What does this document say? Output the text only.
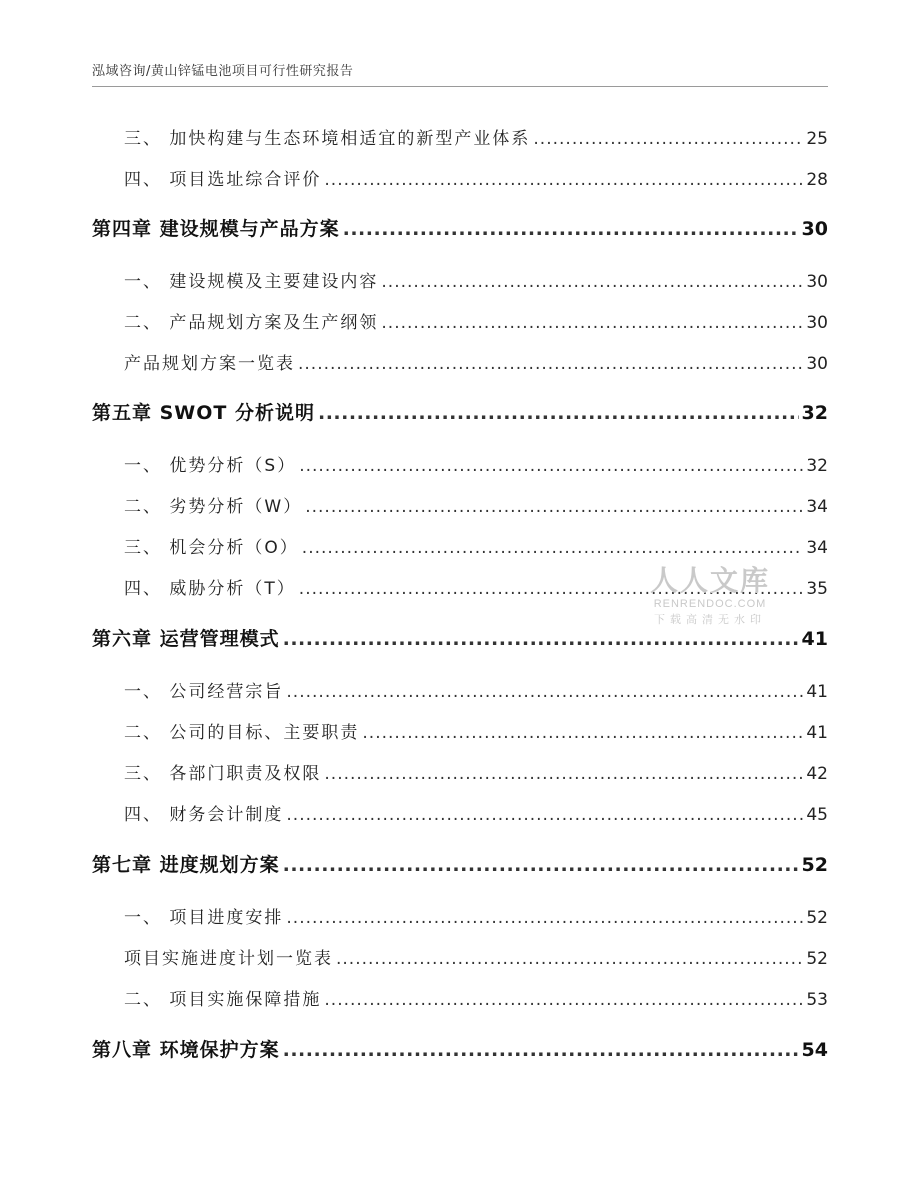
泓域咨询/黄山锌锰电池项目可行性研究报告
三、 加快构建与生态环境相适宜的新型产业体系 .....	25
四、 项目选址综合评价 .....	28
第四章 建设规模与产品方案 .....	30
一、 建设规模及主要建设内容 .....	30
二、 产品规划方案及生产纲领 .....	30
产品规划方案一览表 .....	30
第五章 SWOT 分析说明 .....	32
一、 优势分析（S） .....	32
二、 劣势分析（W） .....	34
三、 机会分析（O） .....	34
四、 威胁分析（T） .....	35
第六章 运营管理模式 .....	41
一、 公司经营宗旨 .....	41
二、 公司的目标、主要职责 .....	41
三、 各部门职责及权限 .....	42
四、 财务会计制度 .....	45
第七章 进度规划方案 .....	52
一、 项目进度安排 .....	52
项目实施进度计划一览表 .....	52
二、 项目实施保障措施 .....	53
第八章 环境保护方案 .....	54
人人文库
RENRENDOC.COM
下载高清无水印
